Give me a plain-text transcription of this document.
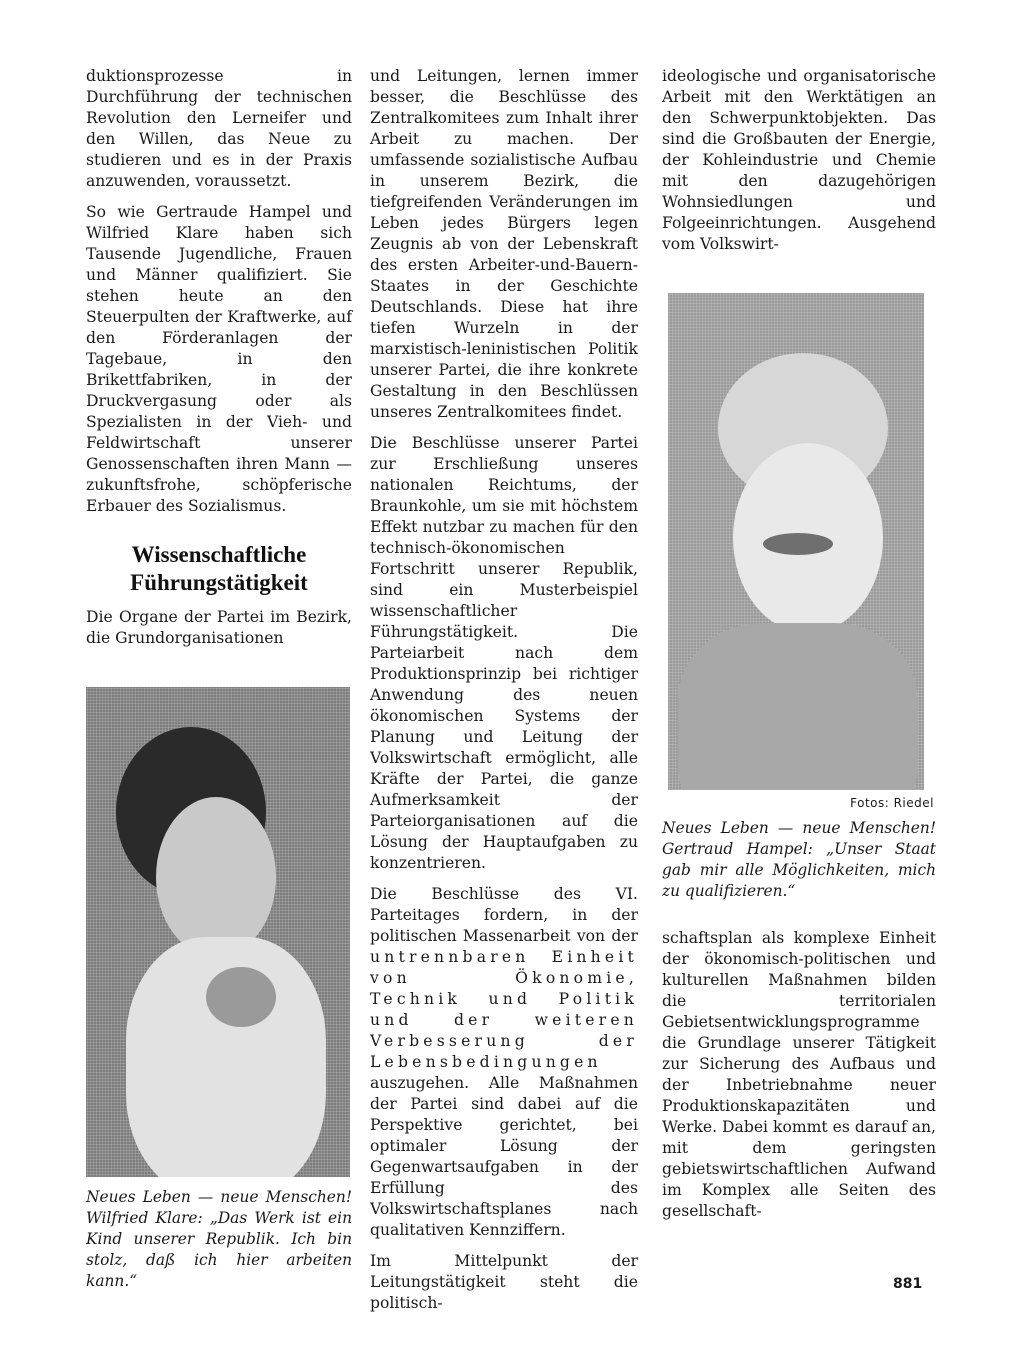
duktionsprozesse in Durchführung der technischen Revolution den Lerneifer und den Willen, das Neue zu studieren und es in der Praxis anzuwenden, voraussetzt.

So wie Gertraude Hampel und Wilfried Klare haben sich Tausende Jugendliche, Frauen und Männer qualifiziert. Sie stehen heute an den Steuerpulten der Kraftwerke, auf den Förderanlagen der Tagebaue, in den Brikettfabriken, in der Druckvergasung oder als Spezialisten in der Vieh- und Feldwirtschaft unserer Genossenschaften ihren Mann — zukunftsfrohe, schöpferische Erbauer des Sozialismus.

Wissenschaftliche Führungstätigkeit

Die Organe der Partei im Bezirk, die Grundorganisationen

Neues Leben — neue Menschen! Wilfried Klare: „Das Werk ist ein Kind unserer Republik. Ich bin stolz, daß ich hier arbeiten kann.“

und Leitungen, lernen immer besser, die Beschlüsse des Zentralkomitees zum Inhalt ihrer Arbeit zu machen. Der umfassende sozialistische Aufbau in unserem Bezirk, die tiefgreifenden Veränderungen im Leben jedes Bürgers legen Zeugnis ab von der Lebenskraft des ersten Arbeiter-und-Bauern-Staates in der Geschichte Deutschlands. Diese hat ihre tiefen Wurzeln in der marxistisch-leninistischen Politik unserer Partei, die ihre konkrete Gestaltung in den Beschlüssen unseres Zentralkomitees findet.

Die Beschlüsse unserer Partei zur Erschließung unseres nationalen Reichtums, der Braunkohle, um sie mit höchstem Effekt nutzbar zu machen für den technisch-ökonomischen Fortschritt unserer Republik, sind ein Musterbeispiel wissenschaftlicher Führungstätigkeit. Die Parteiarbeit nach dem Produktionsprinzip bei richtiger Anwendung des neuen ökonomischen Systems der Planung und Leitung der Volkswirtschaft ermöglicht, alle Kräfte der Partei, die ganze Aufmerksamkeit der Parteiorganisationen auf die Lösung der Hauptaufgaben zu konzentrieren.

Die Beschlüsse des VI. Parteitages fordern, in der politischen Massenarbeit von der untrennbaren Einheit von Ökonomie, Technik und Politik und der weiteren Verbesserung der Lebensbedingungen auszugehen. Alle Maßnahmen der Partei sind dabei auf die Perspektive gerichtet, bei optimaler Lösung der Gegenwartsaufgaben in der Erfüllung des Volkswirtschaftsplanes nach qualitativen Kennziffern.

Im Mittelpunkt der Leitungstätigkeit steht die politisch-

ideologische und organisatorische Arbeit mit den Werktätigen an den Schwerpunktobjekten. Das sind die Großbauten der Energie, der Kohleindustrie und Chemie mit den dazugehörigen Wohnsiedlungen und Folgeeinrichtungen. Ausgehend vom Volkswirt-

Fotos: Riedel

Neues Leben — neue Menschen! Gertraud Hampel: „Unser Staat gab mir alle Möglichkeiten, mich zu qualifizieren.“

schaftsplan als komplexe Einheit der ökonomisch-politischen und kulturellen Maßnahmen bilden die territorialen Gebietsentwicklungsprogramme die Grundlage unserer Tätigkeit zur Sicherung des Aufbaus und der Inbetriebnahme neuer Produktionskapazitäten und Werke. Dabei kommt es darauf an, mit dem geringsten gebietswirtschaftlichen Aufwand im Komplex alle Seiten des gesellschaft-

881
